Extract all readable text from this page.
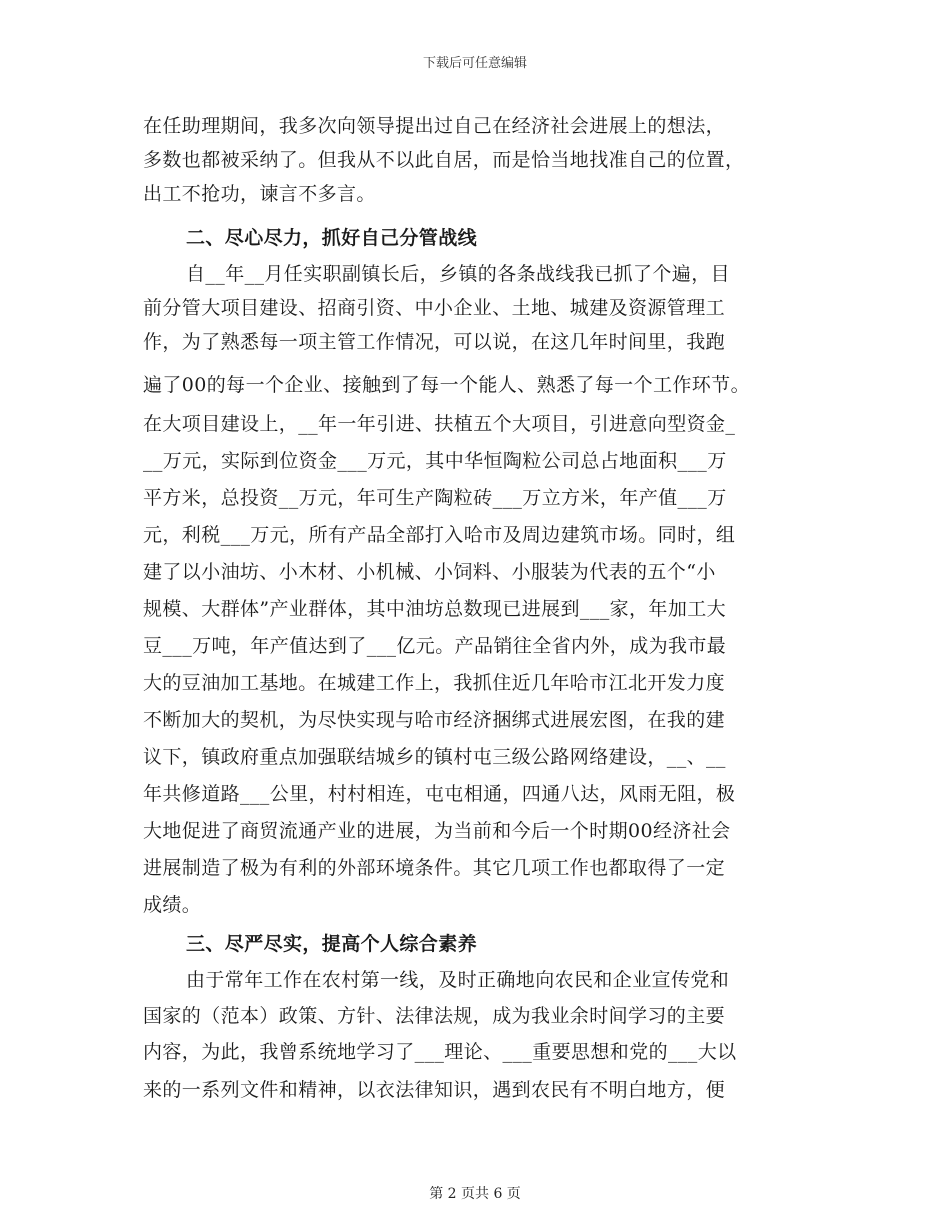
下载后可任意编辑
在任助理期间，我多次向领导提出过自己在经济社会进展上的想法，
多数也都被采纳了。但我从不以此自居，而是恰当地找准自己的位置，
出工不抢功，谏言不多言。
二、尽心尽力，抓好自己分管战线
自__年__月任实职副镇长后，乡镇的各条战线我已抓了个遍，目
前分管大项目建设、招商引资、中小企业、土地、城建及资源管理工
作，为了熟悉每一项主管工作情况，可以说，在这几年时间里，我跑
遍了00的每一个企业、接触到了每一个能人、熟悉了每一个工作环节。
在大项目建设上，__年一年引进、扶植五个大项目，引进意向型资金_
__万元，实际到位资金___万元，其中华恒陶粒公司总占地面积___万
平方米，总投资__万元，年可生产陶粒砖___万立方米，年产值___万
元，利税___万元，所有产品全部打入哈市及周边建筑市场。同时，组
建了以小油坊、小木材、小机械、小饲料、小服装为代表的五个“小
规模、大群体”产业群体，其中油坊总数现已进展到___家，年加工大
豆___万吨，年产值达到了___亿元。产品销往全省内外，成为我市最
大的豆油加工基地。在城建工作上，我抓住近几年哈市江北开发力度
不断加大的契机，为尽快实现与哈市经济捆绑式进展宏图，在我的建
议下，镇政府重点加强联结城乡的镇村屯三级公路网络建设，__、__
年共修道路___公里，村村相连，屯屯相通，四通八达，风雨无阻，极
大地促进了商贸流通产业的进展，为当前和今后一个时期00经济社会
进展制造了极为有利的外部环境条件。其它几项工作也都取得了一定
成绩。
三、尽严尽实，提高个人综合素养
由于常年工作在农村第一线，及时正确地向农民和企业宣传党和
国家的（范本）政策、方针、法律法规，成为我业余时间学习的主要
内容，为此，我曾系统地学习了___理论、___重要思想和党的___大以
来的一系列文件和精神，以衣法律知识，遇到农民有不明白地方，便
第 2 页共 6 页
